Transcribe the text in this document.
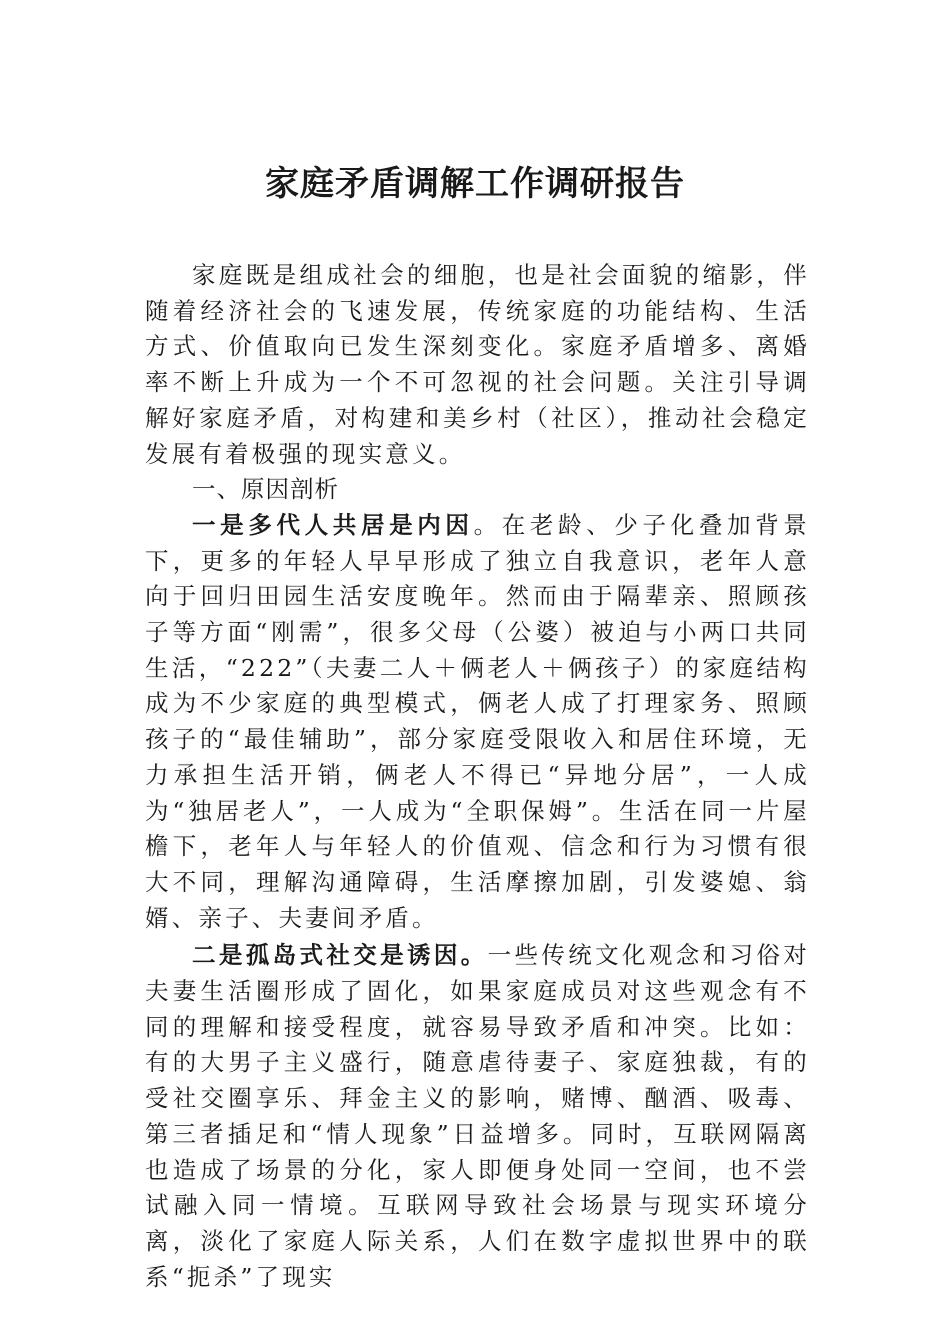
家庭矛盾调解工作调研报告

家庭既是组成社会的细胞，也是社会面貌的缩影，伴随着经济社会的飞速发展，传统家庭的功能结构、生活方式、价值取向已发生深刻变化。家庭矛盾增多、离婚率不断上升成为一个不可忽视的社会问题。关注引导调解好家庭矛盾，对构建和美乡村（社区），推动社会稳定发展有着极强的现实意义。

一、原因剖析

一是多代人共居是内因。在老龄、少子化叠加背景下，更多的年轻人早早形成了独立自我意识，老年人意向于回归田园生活安度晚年。然而由于隔辈亲、照顾孩子等方面“刚需”，很多父母（公婆）被迫与小两口共同生活，“222”（夫妻二人＋俩老人＋俩孩子）的家庭结构成为不少家庭的典型模式，俩老人成了打理家务、照顾孩子的“最佳辅助”，部分家庭受限收入和居住环境，无力承担生活开销，俩老人不得已“异地分居”，一人成为“独居老人”，一人成为“全职保姆”。生活在同一片屋檐下，老年人与年轻人的价值观、信念和行为习惯有很大不同，理解沟通障碍，生活摩擦加剧，引发婆媳、翁婿、亲子、夫妻间矛盾。

二是孤岛式社交是诱因。一些传统文化观念和习俗对夫妻生活圈形成了固化，如果家庭成员对这些观念有不同的理解和接受程度，就容易导致矛盾和冲突。比如：有的大男子主义盛行，随意虐待妻子、家庭独裁，有的受社交圈享乐、拜金主义的影响，赌博、酗酒、吸毒、第三者插足和“情人现象”日益增多。同时，互联网隔离也造成了场景的分化，家人即便身处同一空间，也不尝试融入同一情境。互联网导致社会场景与现实环境分离，淡化了家庭人际关系，人们在数字虚拟世界中的联系“扼杀”了现实
